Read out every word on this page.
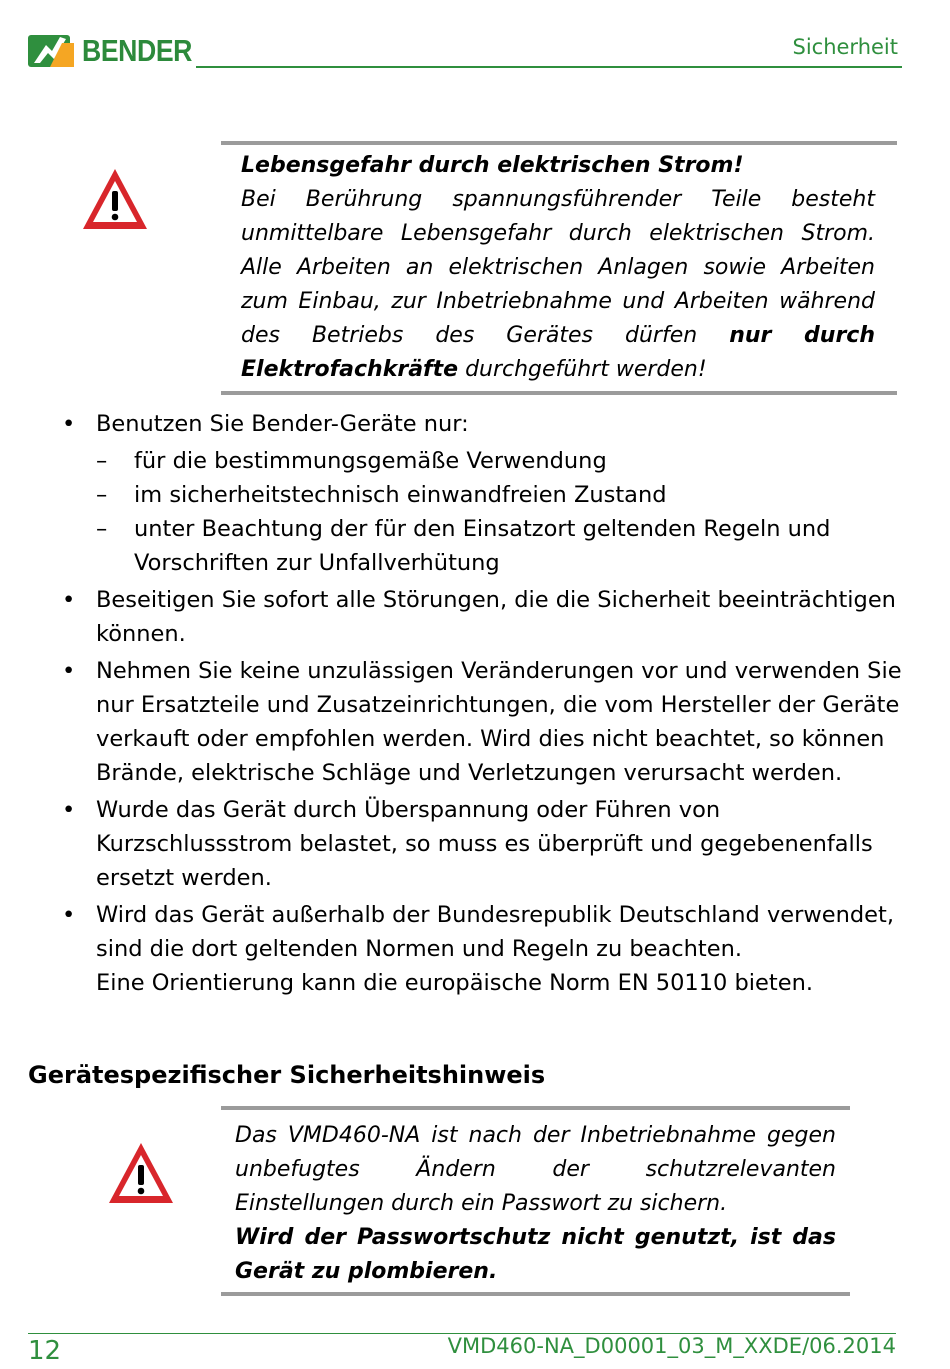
BENDER	Sicherheit
Lebensgefahr durch elektrischen Strom!
Bei Berührung spannungsführender Teile besteht unmittelbare Lebensgefahr durch elektrischen Strom. Alle Arbeiten an elektrischen Anlagen sowie Arbeiten zum Einbau, zur Inbetriebnahme und Arbeiten während des Betriebs des Gerätes dürfen nur durch Elektrofachkräfte durchgeführt werden!
• Benutzen Sie Bender-Geräte nur:
– für die bestimmungsgemäße Verwendung
– im sicherheitstechnisch einwandfreien Zustand
– unter Beachtung der für den Einsatzort geltenden Regeln und Vorschriften zur Unfallverhütung
• Beseitigen Sie sofort alle Störungen, die die Sicherheit beeinträchtigen können.
• Nehmen Sie keine unzulässigen Veränderungen vor und verwenden Sie nur Ersatzteile und Zusatzeinrichtungen, die vom Hersteller der Geräte verkauft oder empfohlen werden. Wird dies nicht beachtet, so können Brände, elektrische Schläge und Verletzungen verursacht werden.
• Wurde das Gerät durch Überspannung oder Führen von Kurzschlussstrom belastet, so muss es überprüft und gegebenenfalls ersetzt werden.
• Wird das Gerät außerhalb der Bundesrepublik Deutschland verwendet, sind die dort geltenden Normen und Regeln zu beachten.
Eine Orientierung kann die europäische Norm EN 50110 bieten.
Gerätespezifischer Sicherheitshinweis
Das VMD460-NA ist nach der Inbetriebnahme gegen unbefugtes Ändern der schutzrelevanten Einstellungen durch ein Passwort zu sichern.
Wird der Passwortschutz nicht genutzt, ist das Gerät zu plombieren.
12	VMD460-NA_D00001_03_M_XXDE/06.2014
